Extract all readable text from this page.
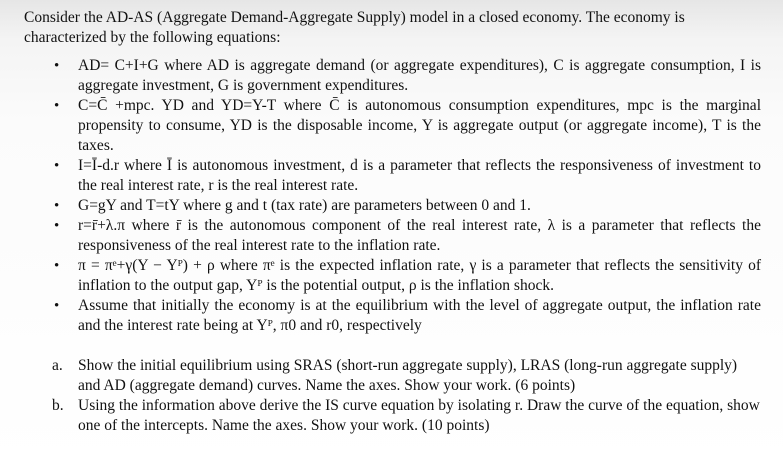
Consider the AD-AS (Aggregate Demand-Aggregate Supply) model in a closed economy. The economy is characterized by the following equations:

• AD= C+I+G where AD is aggregate demand (or aggregate expenditures), C is aggregate consumption, I is aggregate investment, G is government expenditures.
• C=C̄ +mpc. YD and YD=Y-T where C̄ is autonomous consumption expenditures, mpc is the marginal propensity to consume, YD is the disposable income, Y is aggregate output (or aggregate income), T is the taxes.
• I=Ī-d.r where Ī is autonomous investment, d is a parameter that reflects the responsiveness of investment to the real interest rate, r is the real interest rate.
• G=gY and T=tY where g and t (tax rate) are parameters between 0 and 1.
• r=r̄+λ.π where r̄ is the autonomous component of the real interest rate, λ is a parameter that reflects the responsiveness of the real interest rate to the inflation rate.
• π = πᵉ+γ(Y − Yᴾ) + ρ where πᵉ is the expected inflation rate, γ is a parameter that reflects the sensitivity of inflation to the output gap, Yᴾ is the potential output, ρ is the inflation shock.
• Assume that initially the economy is at the equilibrium with the level of aggregate output, the inflation rate and the interest rate being at Yᴾ, π0 and r0, respectively
a. Show the initial equilibrium using SRAS (short-run aggregate supply), LRAS (long-run aggregate supply) and AD (aggregate demand) curves. Name the axes. Show your work. (6 points)
b. Using the information above derive the IS curve equation by isolating r. Draw the curve of the equation, show one of the intercepts. Name the axes. Show your work. (10 points)
